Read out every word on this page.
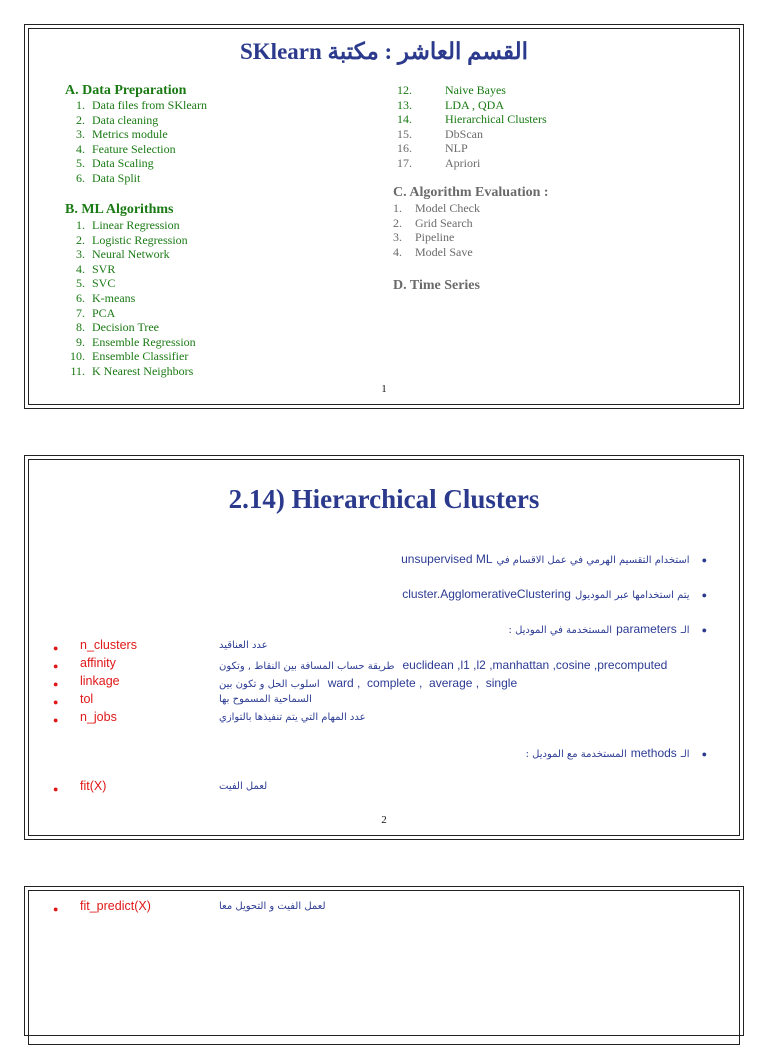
القسم العاشر : مكتبة SKlearn
A. Data Preparation
1. Data files from SKlearn
2. Data cleaning
3. Metrics module
4. Feature Selection
5. Data Scaling
6. Data Split
B. ML Algorithms
1. Linear Regression
2. Logistic Regression
3. Neural Network
4. SVR
5. SVC
6. K-means
7. PCA
8. Decision Tree
9. Ensemble Regression
10. Ensemble Classifier
11. K Nearest Neighbors
12.	Naive Bayes
13.	LDA , QDA
14.	Hierarchical Clusters
15.	DbScan
16.	NLP
17.	Apriori
C. Algorithm Evaluation :
1. Model Check
2. Grid Search
3. Pipeline
4. Model Save
D. Time Series
1
2.14) Hierarchical Clusters
● استخدام التقسيم الهرمي في عمل الاقسام في unsupervised ML
● يتم استخدامها عبر الموديول cluster.AgglomerativeClustering
● الـ parameters المستخدمة في الموديل :
● n_clusters	عدد العناقيد
● affinity	طريقة حساب المسافة بين النقاط , وتكون euclidean ,l1 ,l2 ,manhattan ,cosine ,precomputed
● linkage	اسلوب الحل و تكون بين ward ,  complete ,  average ,  single
● tol	السماحية المسموح بها
● n_jobs	عدد المهام التي يتم تنفيذها بالتوازي
● الـ methods المستخدمة مع الموديل :
● fit(X)	لعمل الفيت
2
● fit_predict(X)	لعمل الفيت و التحويل معا
